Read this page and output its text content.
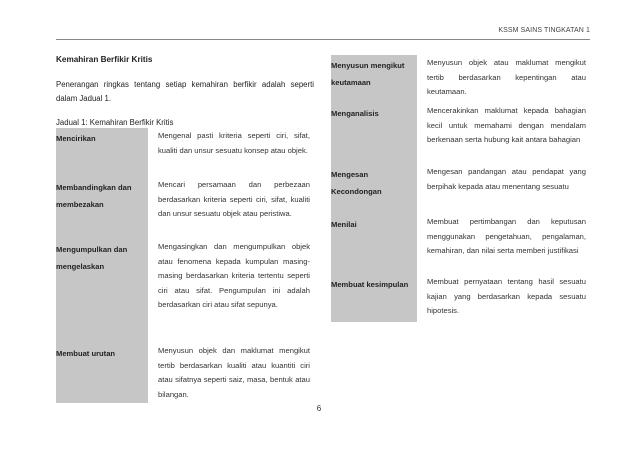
KSSM SAINS TINGKATAN 1
Kemahiran Berfikir Kritis
Penerangan ringkas tentang setiap kemahiran berfikir adalah seperti dalam Jadual 1.
Jadual 1: Kemahiran Berfikir Kritis
Mencirikan	Mengenal pasti kriteria seperti ciri, sifat, kualiti dan unsur sesuatu konsep atau objek.
Membandingkan dan membezakan	Mencari persamaan dan perbezaan berdasarkan kriteria seperti ciri, sifat, kualiti dan unsur sesuatu objek atau peristiwa.
Mengumpulkan dan mengelaskan	Mengasingkan dan mengumpulkan objek atau fenomena kepada kumpulan masing-masing berdasarkan kriteria tertentu seperti ciri atau sifat. Pengumpulan ini adalah berdasarkan ciri atau sifat sepunya.
Membuat urutan	Menyusun objek dan maklumat mengikut tertib berdasarkan kualiti atau kuantiti ciri atau sifatnya seperti saiz, masa, bentuk atau bilangan.
Menyusun mengikut keutamaan	Menyusun objek atau maklumat mengikut tertib berdasarkan kepentingan atau keutamaan.
Menganalisis	Mencerakinkan maklumat kepada bahagian kecil untuk memahami dengan mendalam berkenaan serta hubung kait antara bahagian
Mengesan Kecondongan	Mengesan pandangan atau pendapat yang berpihak kepada atau menentang sesuatu
Menilai	Membuat pertimbangan dan keputusan menggunakan pengetahuan, pengalaman, kemahiran, dan nilai serta memberi justifikasi
Membuat kesimpulan	Membuat pernyataan tentang hasil sesuatu kajian yang berdasarkan kepada sesuatu hipotesis.
6
